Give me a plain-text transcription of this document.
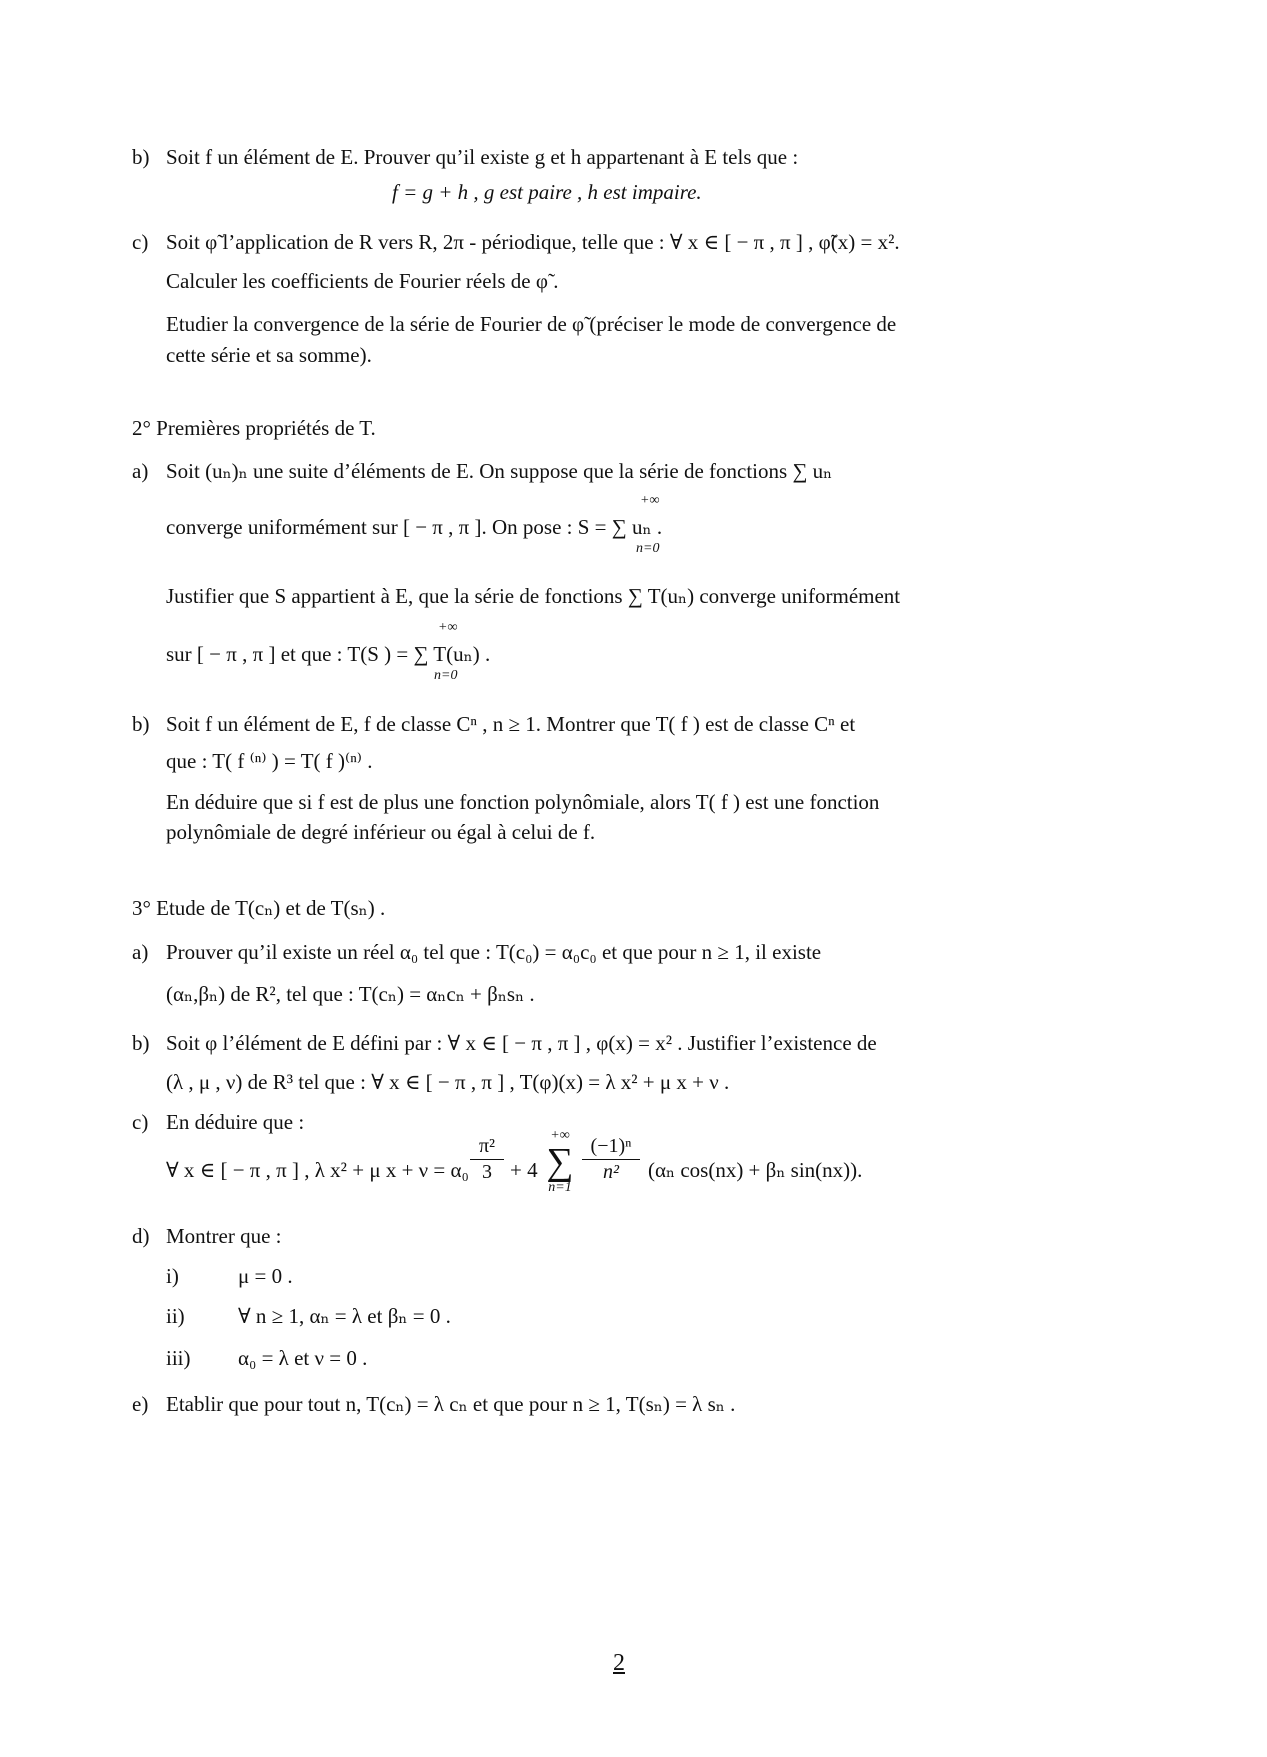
b) Soit f un élément de E. Prouver qu’il existe g et h appartenant à E tels que :
f = g + h , g est paire , h est impaire.
c) Soit φ̃ l’application de R vers R, 2π - périodique, telle que : ∀ x ∈ [ − π , π ] , φ̃(x) = x².
Calculer les coefficients de Fourier réels de φ̃ .
Etudier la convergence de la série de Fourier de φ̃ (préciser le mode de convergence de
cette série et sa somme).
2° Premières propriétés de T.
a) Soit (uₙ)ₙ une suite d’éléments de E. On suppose que la série de fonctions ∑ uₙ
converge uniformément sur [ − π , π ]. On pose : S = ∑ uₙ .
+∞
n=0
Justifier que S appartient à E, que la série de fonctions ∑ T(uₙ) converge uniformément
sur [ − π , π ] et que : T(S ) = ∑ T(uₙ) .
+∞
n=0
b) Soit f un élément de E, f de classe Cⁿ , n ≥ 1. Montrer que T( f ) est de classe Cⁿ et
que : T( f ⁽ⁿ⁾ ) = T( f )⁽ⁿ⁾ .
En déduire que si f est de plus une fonction polynômiale, alors T( f ) est une fonction
polynômiale de degré inférieur ou égal à celui de f.
3° Etude de T(cₙ) et de T(sₙ) .
a) Prouver qu’il existe un réel α₀ tel que : T(c₀) = α₀c₀ et que pour n ≥ 1, il existe
(αₙ,βₙ) de R², tel que : T(cₙ) = αₙcₙ + βₙsₙ .
b) Soit φ l’élément de E défini par : ∀ x ∈ [ − π , π ] , φ(x) = x² . Justifier l’existence de
(λ , μ , ν) de R³ tel que : ∀ x ∈ [ − π , π ] , T(φ)(x) = λ x² + μ x + ν .
c) En déduire que :
∀ x ∈ [ − π , π ] , λ x² + μ x + ν = α₀
π²
3 + 4
+∞
∑
n=1
(−1)ⁿ
n²	(αₙ cos(nx) + βₙ sin(nx)).
d) Montrer que :
i)	μ = 0 .
ii)	∀ n ≥ 1, αₙ = λ et βₙ = 0 .
iii) α₀ = λ et ν = 0 .
e) Etablir que pour tout n, T(cₙ) = λ cₙ et que pour n ≥ 1, T(sₙ) = λ sₙ .
2
